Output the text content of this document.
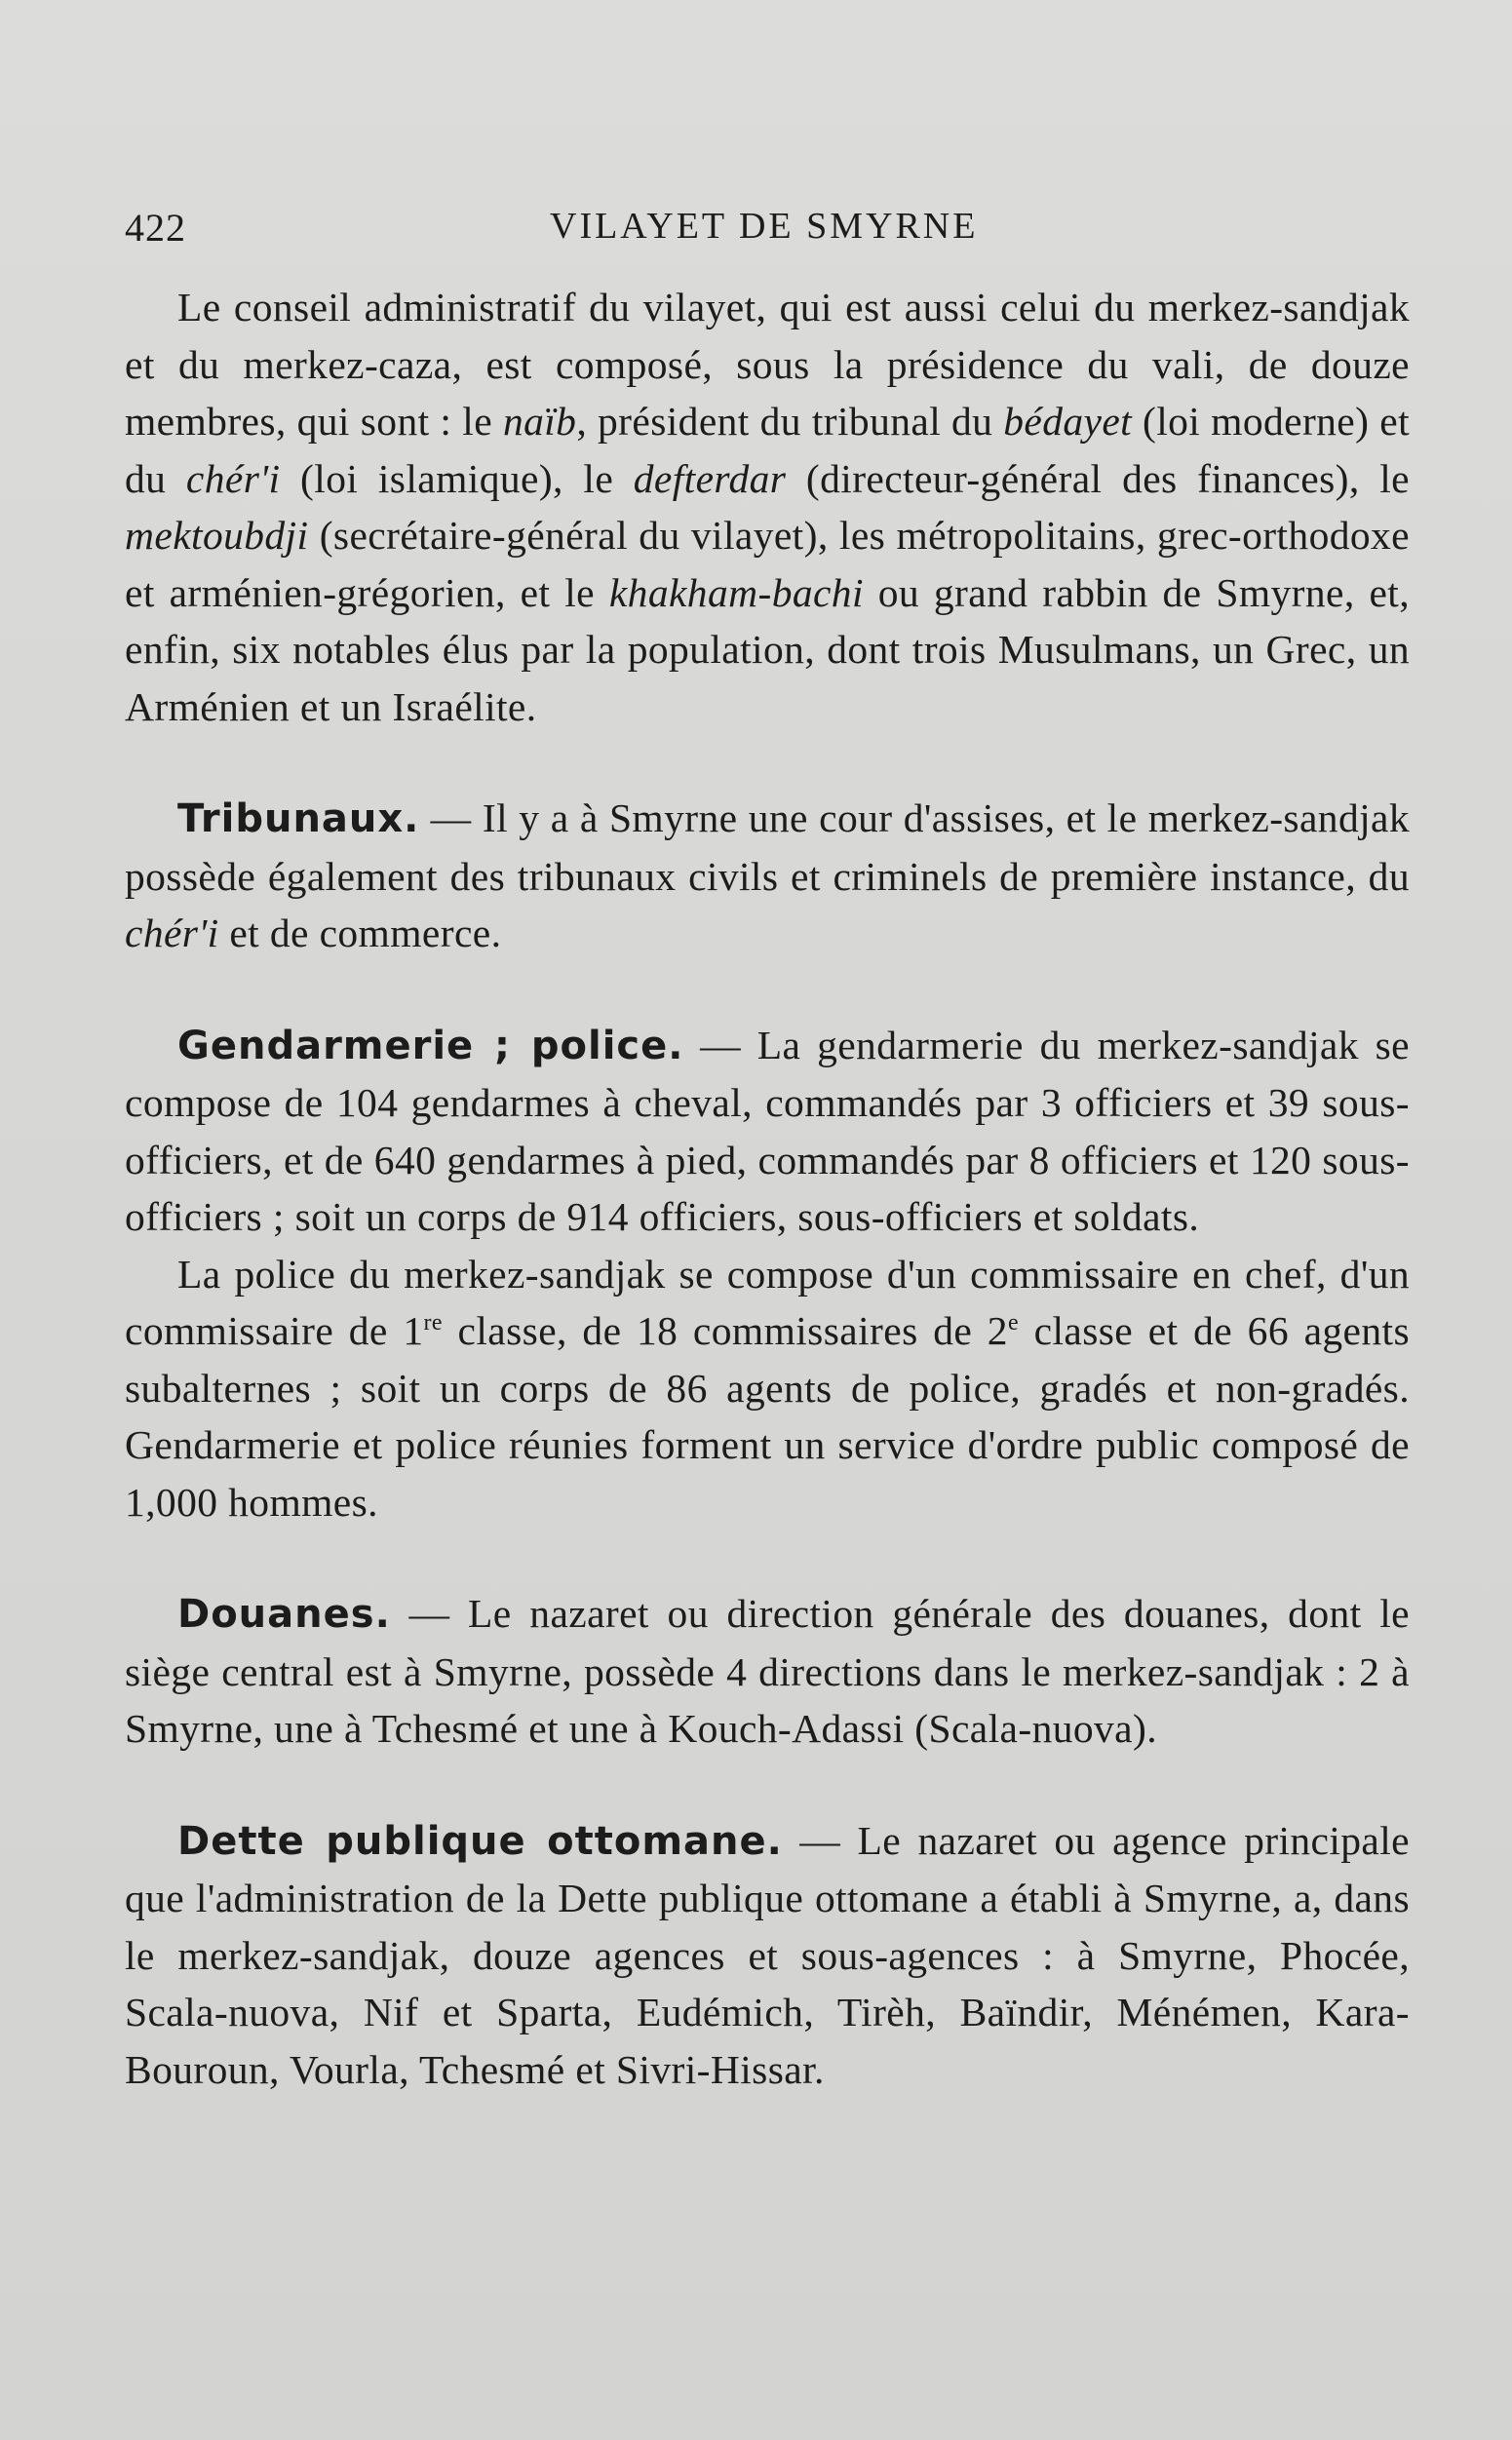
422	VILAYET DE SMYRNE

Le conseil administratif du vilayet, qui est aussi celui du merkez-sandjak et du merkez-caza, est composé, sous la présidence du vali, de douze membres, qui sont : le naïb, président du tribunal du bédayet (loi moderne) et du chér'i (loi islamique), le defterdar (directeur-général des finances), le mektoubdji (secrétaire-général du vilayet), les métropolitains, grec-orthodoxe et arménien-grégorien, et le khakham-bachi ou grand rabbin de Smyrne, et, enfin, six notables élus par la population, dont trois Musulmans, un Grec, un Arménien et un Israélite.

Tribunaux. — Il y a à Smyrne une cour d'assises, et le merkez-sandjak possède également des tribunaux civils et criminels de première instance, du chér'i et de commerce.

Gendarmerie ; police. — La gendarmerie du merkez-sandjak se compose de 104 gendarmes à cheval, commandés par 3 officiers et 39 sous-officiers, et de 640 gendarmes à pied, commandés par 8 officiers et 120 sous-officiers ; soit un corps de 914 officiers, sous-officiers et soldats.

La police du merkez-sandjak se compose d'un commissaire en chef, d'un commissaire de 1re classe, de 18 commissaires de 2e classe et de 66 agents subalternes ; soit un corps de 86 agents de police, gradés et non-gradés. Gendarmerie et police réunies forment un service d'ordre public composé de 1,000 hommes.

Douanes. — Le nazaret ou direction générale des douanes, dont le siège central est à Smyrne, possède 4 directions dans le merkez-sandjak : 2 à Smyrne, une à Tchesmé et une à Kouch-Adassi (Scala-nuova).

Dette publique ottomane. — Le nazaret ou agence principale que l'administration de la Dette publique ottomane a établi à Smyrne, a, dans le merkez-sandjak, douze agences et sous-agences : à Smyrne, Phocée, Scala-nuova, Nif et Sparta, Eudémich, Tirèh, Baïndir, Ménémen, Kara-Bouroun, Vourla, Tchesmé et Sivri-Hissar.
